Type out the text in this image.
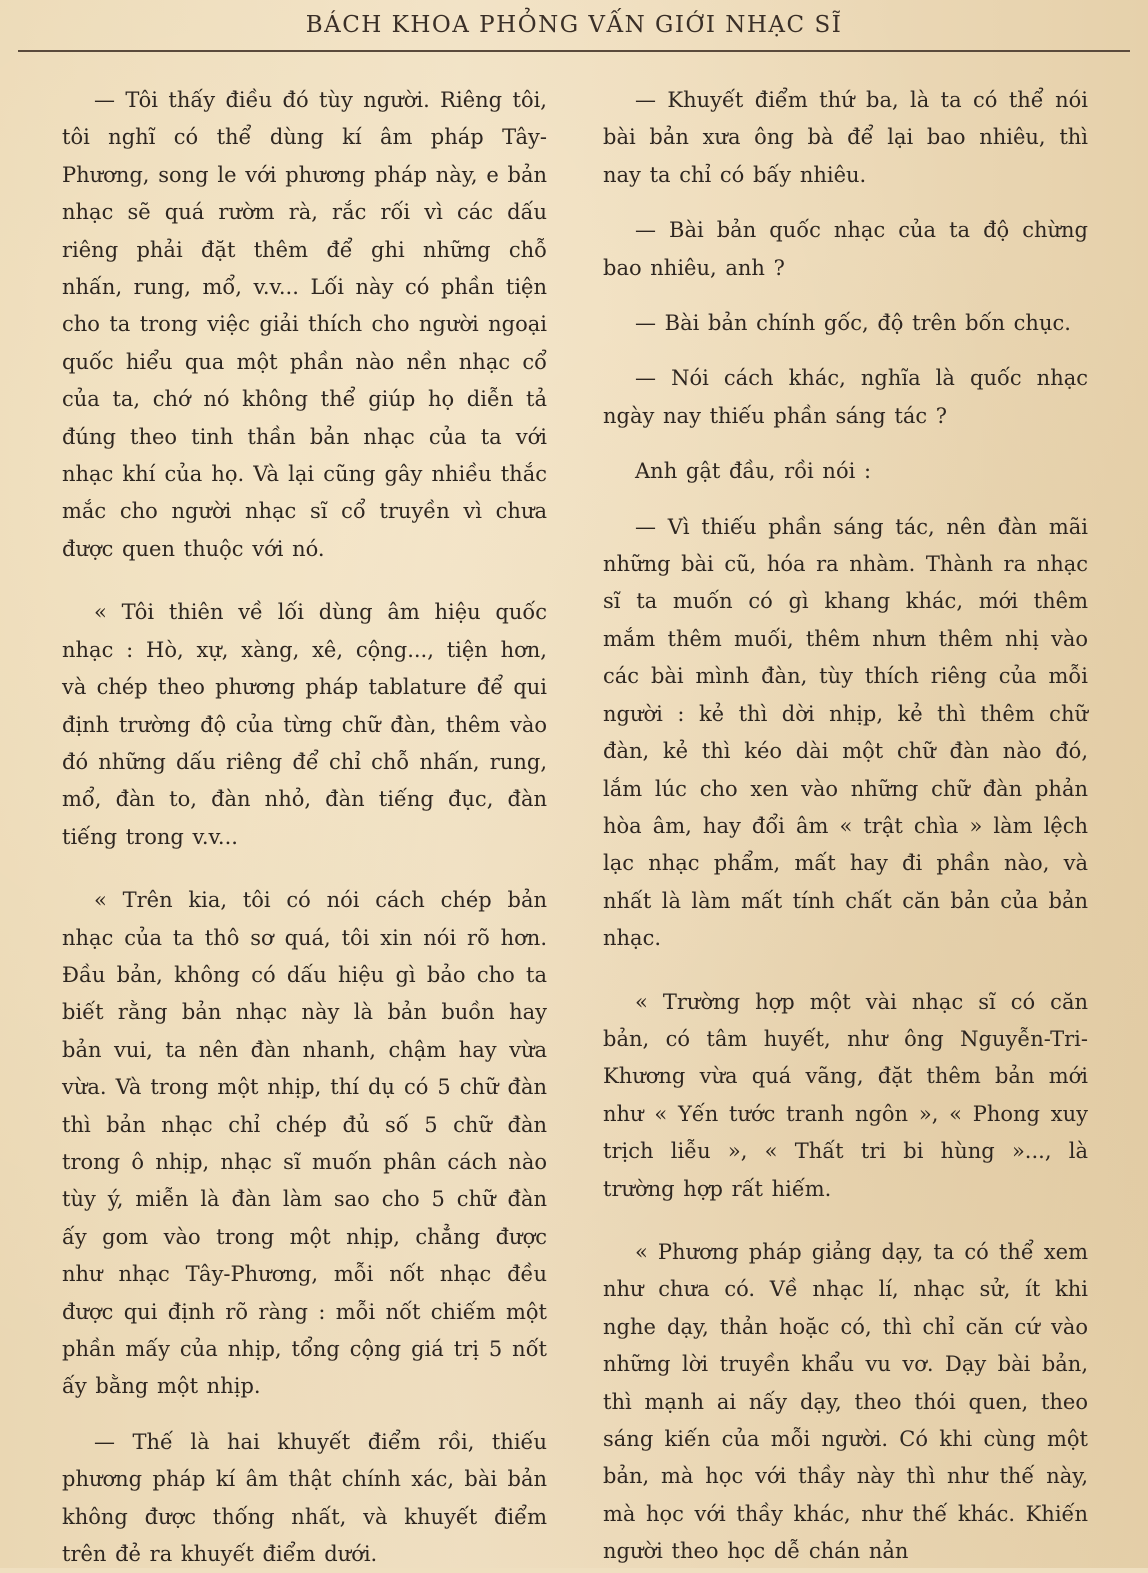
BÁCH KHOA PHỎNG VẤN GIỚI NHẠC SĨ

— Tôi thấy điều đó tùy người. Riêng tôi, tôi nghĩ có thể dùng kí âm pháp Tây-Phương, song le với phương pháp này, e bản nhạc sẽ quá rườm rà, rắc rối vì các dấu riêng phải đặt thêm để ghi những chỗ nhấn, rung, mổ, v.v... Lối này có phần tiện cho ta trong việc giải thích cho người ngoại quốc hiểu qua một phần nào nền nhạc cổ của ta, chớ nó không thể giúp họ diễn tả đúng theo tinh thần bản nhạc của ta với nhạc khí của họ. Và lại cũng gây nhiều thắc mắc cho người nhạc sĩ cổ truyền vì chưa được quen thuộc với nó.

« Tôi thiên về lối dùng âm hiệu quốc nhạc : Hò, xự, xàng, xê, cộng..., tiện hơn, và chép theo phương pháp tablature để qui định trường độ của từng chữ đàn, thêm vào đó những dấu riêng để chỉ chỗ nhấn, rung, mổ, đàn to, đàn nhỏ, đàn tiếng đục, đàn tiếng trong v.v...

« Trên kia, tôi có nói cách chép bản nhạc của ta thô sơ quá, tôi xin nói rõ hơn. Đầu bản, không có dấu hiệu gì bảo cho ta biết rằng bản nhạc này là bản buồn hay bản vui, ta nên đàn nhanh, chậm hay vừa vừa. Và trong một nhịp, thí dụ có 5 chữ đàn thì bản nhạc chỉ chép đủ số 5 chữ đàn trong ô nhịp, nhạc sĩ muốn phân cách nào tùy ý, miễn là đàn làm sao cho 5 chữ đàn ấy gom vào trong một nhịp, chẳng được như nhạc Tây-Phương, mỗi nốt nhạc đều được qui định rõ ràng : mỗi nốt chiếm một phần mấy của nhịp, tổng cộng giá trị 5 nốt ấy bằng một nhịp.

— Thế là hai khuyết điểm rồi, thiếu phương pháp kí âm thật chính xác, bài bản không được thống nhất, và khuyết điểm trên đẻ ra khuyết điểm dưới.

— Khuyết điểm thứ ba, là ta có thể nói bài bản xưa ông bà để lại bao nhiêu, thì nay ta chỉ có bấy nhiêu.

— Bài bản quốc nhạc của ta độ chừng bao nhiêu, anh ?

— Bài bản chính gốc, độ trên bốn chục.

— Nói cách khác, nghĩa là quốc nhạc ngày nay thiếu phần sáng tác ?

Anh gật đầu, rồi nói :

— Vì thiếu phần sáng tác, nên đàn mãi những bài cũ, hóa ra nhàm. Thành ra nhạc sĩ ta muốn có gì khang khác, mới thêm mắm thêm muối, thêm nhưn thêm nhị vào các bài mình đàn, tùy thích riêng của mỗi người : kẻ thì dời nhịp, kẻ thì thêm chữ đàn, kẻ thì kéo dài một chữ đàn nào đó, lắm lúc cho xen vào những chữ đàn phản hòa âm, hay đổi âm « trật chìa » làm lệch lạc nhạc phẩm, mất hay đi phần nào, và nhất là làm mất tính chất căn bản của bản nhạc.

« Trường hợp một vài nhạc sĩ có căn bản, có tâm huyết, như ông Nguyễn-Tri-Khương vừa quá vãng, đặt thêm bản mới như « Yến tước tranh ngôn », « Phong xuy trịch liễu », « Thất tri bi hùng »..., là trường hợp rất hiếm.

« Phương pháp giảng dạy, ta có thể xem như chưa có. Về nhạc lí, nhạc sử, ít khi nghe dạy, thản hoặc có, thì chỉ căn cứ vào những lời truyền khẩu vu vơ. Dạy bài bản, thì mạnh ai nấy dạy, theo thói quen, theo sáng kiến của mỗi người. Có khi cùng một bản, mà học với thầy này thì như thế này, mà học với thầy khác, như thế khác. Khiến người theo học dễ chán nản
